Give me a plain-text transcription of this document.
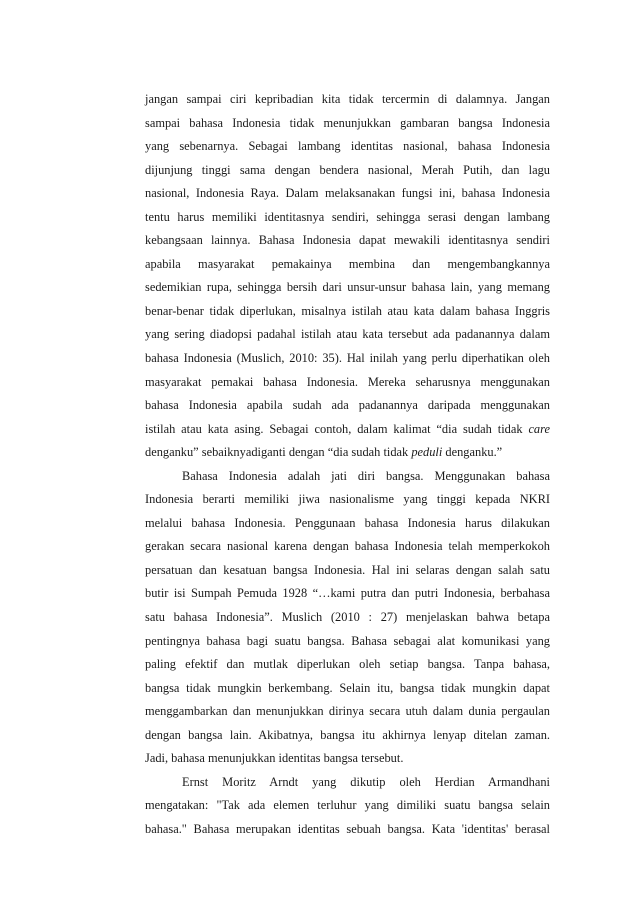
jangan sampai ciri kepribadian kita tidak tercermin di dalamnya. Jangan
sampai bahasa Indonesia tidak menunjukkan gambaran bangsa Indonesia
yang sebenarnya. Sebagai lambang identitas nasional, bahasa Indonesia
dijunjung tinggi sama dengan bendera nasional, Merah Putih, dan lagu
nasional, Indonesia Raya. Dalam melaksanakan fungsi ini, bahasa Indonesia
tentu harus memiliki identitasnya sendiri, sehingga serasi dengan lambang
kebangsaan lainnya. Bahasa Indonesia dapat mewakili identitasnya sendiri
apabila masyarakat pemakainya membina dan mengembangkannya
sedemikian rupa, sehingga bersih dari unsur-unsur bahasa lain, yang memang
benar-benar tidak diperlukan, misalnya istilah atau kata dalam bahasa Inggris
yang sering diadopsi padahal istilah atau kata tersebut ada padanannya dalam
bahasa Indonesia (Muslich, 2010: 35). Hal inilah yang perlu diperhatikan oleh
masyarakat pemakai bahasa Indonesia. Mereka seharusnya menggunakan
bahasa Indonesia apabila sudah ada padanannya daripada menggunakan
istilah atau kata asing. Sebagai contoh, dalam kalimat “dia sudah tidak care
denganku” sebaiknyadiganti dengan “dia sudah tidak peduli denganku.”
Bahasa Indonesia adalah jati diri bangsa. Menggunakan bahasa
Indonesia berarti memiliki jiwa nasionalisme yang tinggi kepada NKRI
melalui bahasa Indonesia. Penggunaan bahasa Indonesia harus dilakukan
gerakan secara nasional karena dengan bahasa Indonesia telah memperkokoh
persatuan dan kesatuan bangsa Indonesia. Hal ini selaras dengan salah satu
butir isi Sumpah Pemuda 1928 “…kami putra dan putri Indonesia, berbahasa
satu bahasa Indonesia”. Muslich (2010 : 27) menjelaskan bahwa betapa
pentingnya bahasa bagi suatu bangsa. Bahasa sebagai alat komunikasi yang
paling efektif dan mutlak diperlukan oleh setiap bangsa. Tanpa bahasa,
bangsa tidak mungkin berkembang. Selain itu, bangsa tidak mungkin dapat
menggambarkan dan menunjukkan dirinya secara utuh dalam dunia pergaulan
dengan bangsa lain. Akibatnya, bangsa itu akhirnya lenyap ditelan zaman.
Jadi, bahasa menunjukkan identitas bangsa tersebut.
Ernst Moritz Arndt yang dikutip oleh Herdian Armandhani
mengatakan: "Tak ada elemen terluhur yang dimiliki suatu bangsa selain
bahasa." Bahasa merupakan identitas sebuah bangsa. Kata 'identitas' berasal
